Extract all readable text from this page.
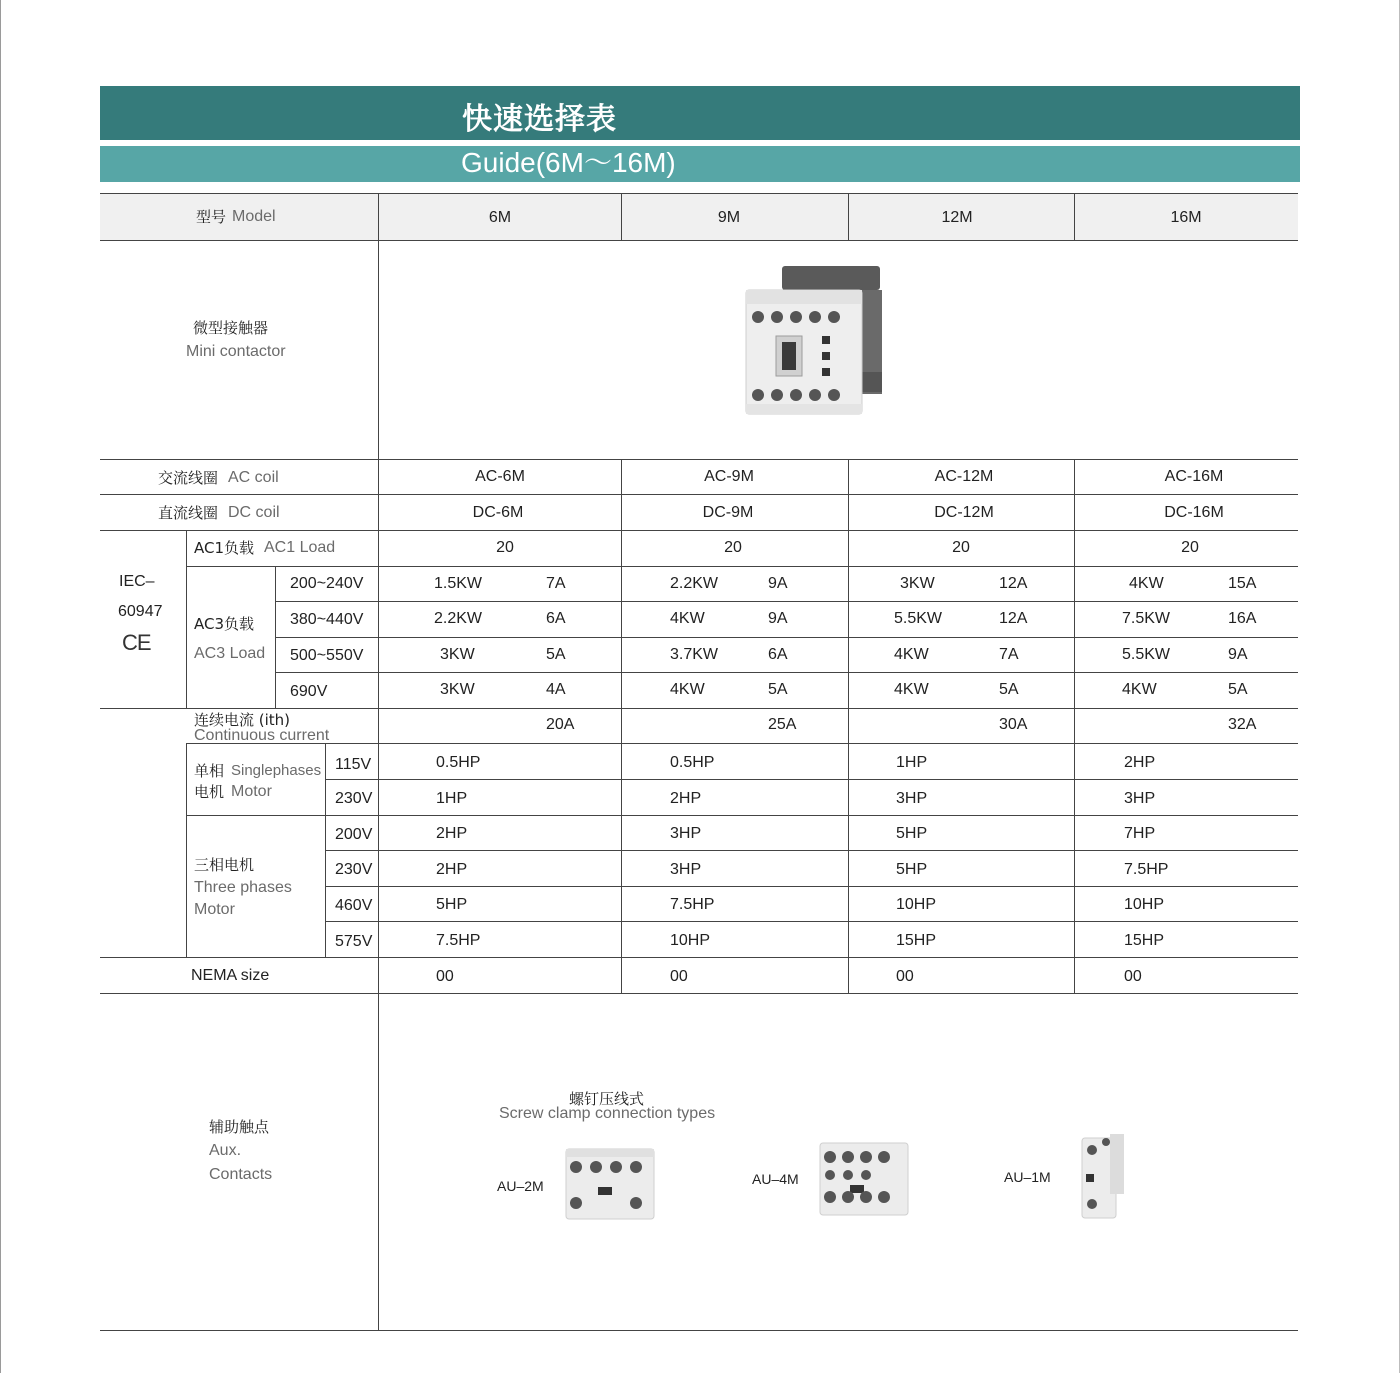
快速选择表
Guide(6M～16M)
型号 Model	6M	9M	12M	16M
微型接触器
Mini contactor
交流线圈 AC coil	AC-6M	AC-9M	AC-12M	AC-16M
直流线圈 DC coil	DC-6M	DC-9M	DC-12M	DC-16M
IEC–
60947
CE
AC1负载 AC1 Load	20	20	20	20
AC3负载
AC3 Load
200~240V	1.5KW	7A	2.2KW	9A	3KW	12A	4KW	15A
380~440V	2.2KW	6A	4KW	9A	5.5KW	12A	7.5KW	16A
500~550V	3KW	5A	3.7KW	6A	4KW	7A	5.5KW	9A
690V	3KW	4A	4KW	5A	4KW	5A	4KW	5A
连续电流 (ith)
Continuous current
20A	25A	30A	32A
单相 Singlephases
电机 Motor
115V	0.5HP	0.5HP	1HP	2HP
230V	1HP	2HP	3HP	3HP
三相电机
Three phases
Motor
200V	2HP	3HP	5HP	7HP
230V	2HP	3HP	5HP	7.5HP
460V	5HP	7.5HP	10HP	10HP
575V	7.5HP	10HP	15HP	15HP
NEMA size	00	00	00	00
辅助触点
Aux.
Contacts
螺钉压线式
Screw clamp connection types
AU–2M	AU–4M	AU–1M
